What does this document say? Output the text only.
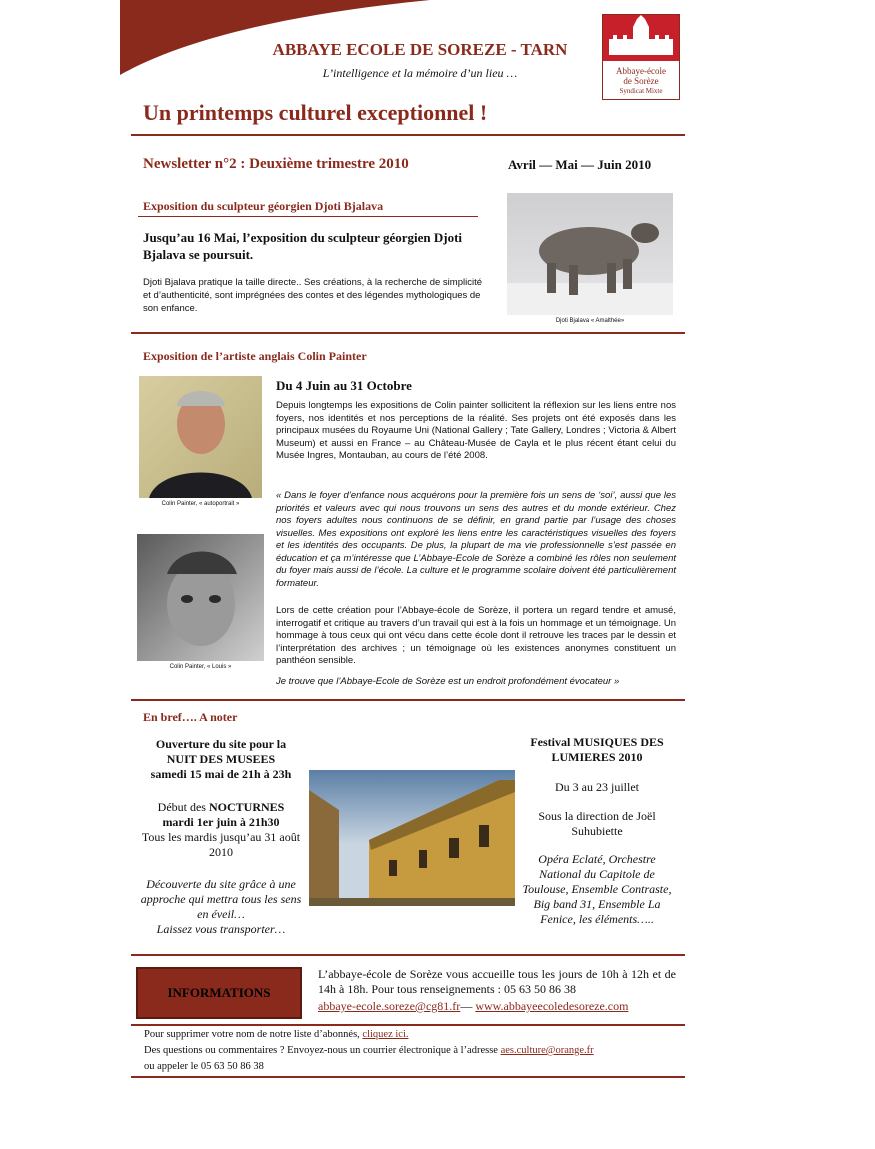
ABBAYE ECOLE DE SOREZE - TARN
L’intelligence et la mémoire d’un lieu …	Abbaye-école
de Sorèze
Syndicat Mixte
Un printemps culturel exceptionnel !
Newsletter n°2 : Deuxième trimestre 2010	Avril — Mai — Juin 2010
Exposition du sculpteur géorgien Djoti Bjalava
Jusqu’au 16 Mai, l’exposition du sculpteur géorgien Djoti Bjalava se poursuit.
Djoti Bjalava pratique la taille directe.. Ses créations, à la recherche de simplicité et d’authenticité, sont imprégnées des contes et des légendes mythologiques de son enfance.
Djoti Bjalava « Amalthée»
Exposition de l’artiste anglais Colin Painter
Colin Painter, « autoportrait »
Colin Painter, « Louis »
Du 4 Juin au 31 Octobre
Depuis longtemps les expositions de Colin painter sollicitent la réflexion sur les liens entre nos foyers, nos identités et nos perceptions de la réalité. Ses projets ont été exposés dans les principaux musées du Royaume Uni (National Gallery ; Tate Gallery, Londres ; Victoria & Albert Museum) et aussi en France – au Château-Musée de Cayla et le plus récent étant celui du Musée Ingres, Montauban, au cours de l’été 2008.
« Dans le foyer d’enfance nous acquérons pour la première fois un sens de ‘soi’, aussi que les priorités et valeurs avec qui nous trouvons un sens des autres et du monde extérieur. Chez nos foyers adultes nous continuons de se définir, en grand partie par l’usage des choses visuelles. Mes expositions ont exploré les liens entre les caractéristiques visuelles des foyers et les identités des occupants. De plus, la plupart de ma vie professionnelle s’est passée en éducation et ça m’intéresse que L’Abbaye-Ecole de Sorèze a combiné les rôles non seulement du foyer mais aussi de l’école. La culture et le programme scolaire doivent été particulièrement formateur.
Lors de cette création pour l’Abbaye-école de Sorèze, il portera un regard tendre et amusé, interrogatif et critique au travers d’un travail qui est à la fois un hommage et un témoignage. Un hommage à tous ceux qui ont vécu dans cette école dont il retrouve les traces par le dessin et l’interprétation des archives ; un témoignage où les existences anonymes constituent un panthéon sensible.
Je trouve que l’Abbaye-Ecole de Sorèze est un endroit profondément évocateur »
En bref…. A noter
Ouverture du site pour la
NUIT DES MUSEES
samedi 15 mai de 21h à 23h
Début des NOCTURNES
mardi 1er juin à 21h30
Tous les mardis jusqu’au 31 août 2010
Découverte du site grâce à une approche qui mettra tous les sens en éveil…
Laissez vous transporter…
Festival MUSIQUES DES LUMIERES 2010
Du 3 au 23 juillet
Sous la direction de Joël Suhubiette
Opéra Eclaté, Orchestre National du Capitole de Toulouse, Ensemble Contraste, Big band 31, Ensemble La Fenice, les éléments…..
INFORMATIONS
L’abbaye-école de Sorèze vous accueille tous les jours de 10h à 12h et de 14h à 18h. Pour tous renseignements : 05 63 50 86 38
abbaye-ecole.soreze@cg81.fr— www.abbayeecoledesoreze.com
Pour supprimer votre nom de notre liste d’abonnés, cliquez ici.
Des questions ou commentaires ? Envoyez-nous un courrier électronique à l’adresse aes.culture@orange.fr
ou appeler le 05 63 50 86 38
